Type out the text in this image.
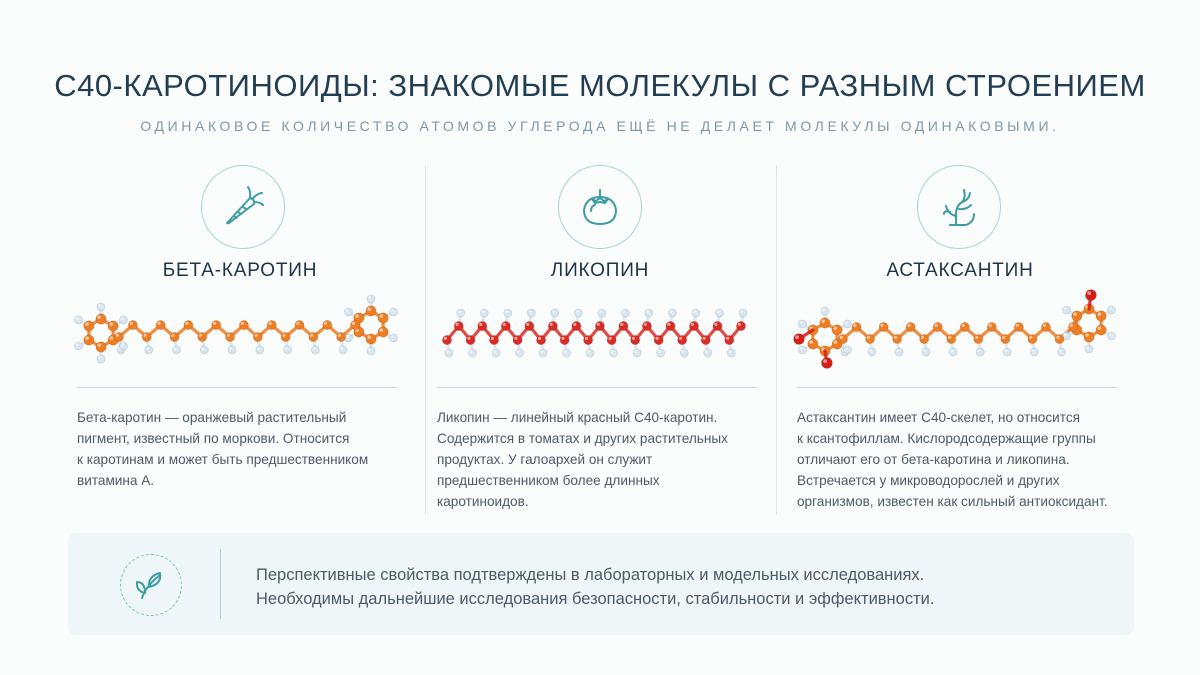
С40-КАРОТИНОИДЫ: ЗНАКОМЫЕ МОЛЕКУЛЫ С РАЗНЫМ СТРОЕНИЕМ
ОДИНАКОВОЕ КОЛИЧЕСТВО АТОМОВ УГЛЕРОДА ЕЩЁ НЕ ДЕЛАЕТ МОЛЕКУЛЫ ОДИНАКОВЫМИ.
БЕТА-КАРОТИН
Бета-каротин — оранжевый растительный
пигмент, известный по моркови. Относится
к каротинам и может быть предшественником
витамина А.
ЛИКОПИН
Ликопин — линейный красный С40-каротин.
Содержится в томатах и других растительных
продуктах. У галоархей он служит
предшественником более длинных
каротиноидов.
АСТАКСАНТИН
Астаксантин имеет С40-скелет, но относится
к ксантофиллам. Кислородсодержащие группы
отличают его от бета-каротина и ликопина.
Встречается у микроводорослей и других
организмов, известен как сильный антиоксидант.
Перспективные свойства подтверждены в лабораторных и модельных исследованиях.
Необходимы дальнейшие исследования безопасности, стабильности и эффективности.
